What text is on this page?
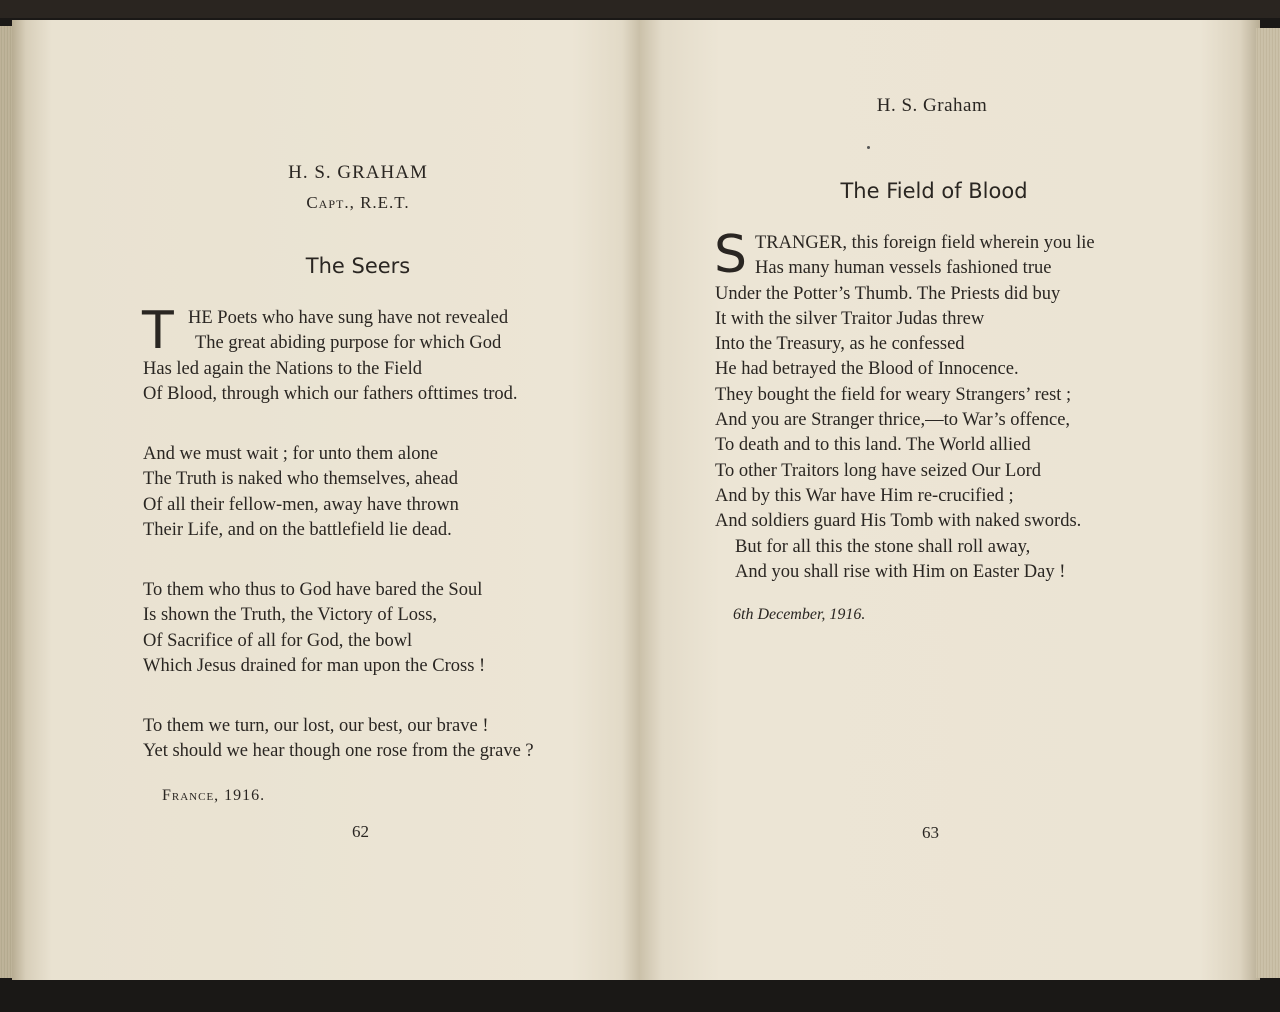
H. S. GRAHAM
Capt., R.E.T.
The Seers
T HE Poets who have sung have not revealed
The great abiding purpose for which God
Has led again the Nations to the Field
Of Blood, through which our fathers ofttimes trod.
And we must wait ; for unto them alone
The Truth is naked who themselves, ahead
Of all their fellow-men, away have thrown
Their Life, and on the battlefield lie dead.
To them who thus to God have bared the Soul
Is shown the Truth, the Victory of Loss,
Of Sacrifice of all for God, the bowl
Which Jesus drained for man upon the Cross !
To them we turn, our lost, our best, our brave !
Yet should we hear though one rose from the grave ?
France, 1916.
62
H. S. Graham
The Field of Blood
S TRANGER, this foreign field wherein you lie
Has many human vessels fashioned true
Under the Potter’s Thumb. The Priests did buy
It with the silver Traitor Judas threw
Into the Treasury, as he confessed
He had betrayed the Blood of Innocence.
They bought the field for weary Strangers’ rest ;
And you are Stranger thrice,—to War’s offence,
To death and to this land. The World allied
To other Traitors long have seized Our Lord
And by this War have Him re-crucified ;
And soldiers guard His Tomb with naked swords.
But for all this the stone shall roll away,
And you shall rise with Him on Easter Day !
6th December, 1916.
63
